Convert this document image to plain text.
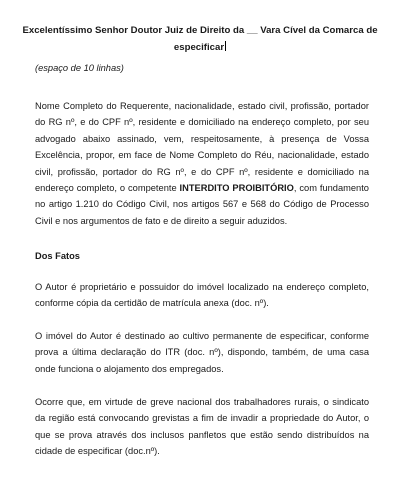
Excelentíssimo Senhor Doutor Juiz de Direito da __ Vara Cível da Comarca de
especificar
(espaço de 10 linhas)

Nome Completo do Requerente, nacionalidade, estado civil, profissão, portador do RG nº, e do CPF nº, residente e domiciliado na endereço completo, por seu advogado abaixo assinado, vem, respeitosamente, à presença de Vossa Excelência, propor, em face de Nome Completo do Réu, nacionalidade, estado civil, profissão, portador do RG nº, e do CPF nº, residente e domiciliado na endereço completo, o competente INTERDITO PROIBITÓRIO, com fundamento no artigo 1.210 do Código Civil, nos artigos 567 e 568 do Código de Processo Civil e nos argumentos de fato e de direito a seguir aduzidos.

Dos Fatos

O Autor é proprietário e possuidor do imóvel localizado na endereço completo, conforme cópia da certidão de matrícula anexa (doc. nº).

O imóvel do Autor é destinado ao cultivo permanente de especificar, conforme prova a última declaração do ITR (doc. nº), dispondo, também, de uma casa onde funciona o alojamento dos empregados.

Ocorre que, em virtude de greve nacional dos trabalhadores rurais, o sindicato da região está convocando grevistas a fim de invadir a propriedade do Autor, o que se prova através dos inclusos panfletos que estão sendo distribuídos na cidade de especificar (doc.nº).
